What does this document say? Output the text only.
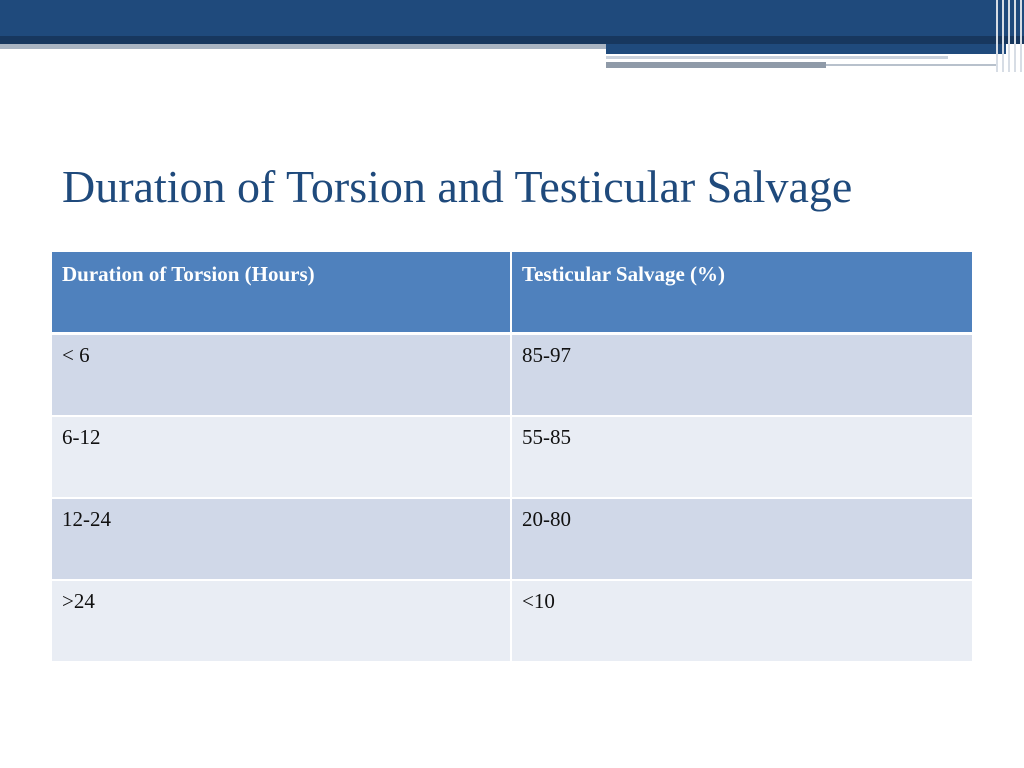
Duration of Torsion and Testicular Salvage
Duration of Torsion (Hours)	Testicular Salvage (%)
< 6	85-97
6-12	55-85
12-24	20-80
>24	<10
